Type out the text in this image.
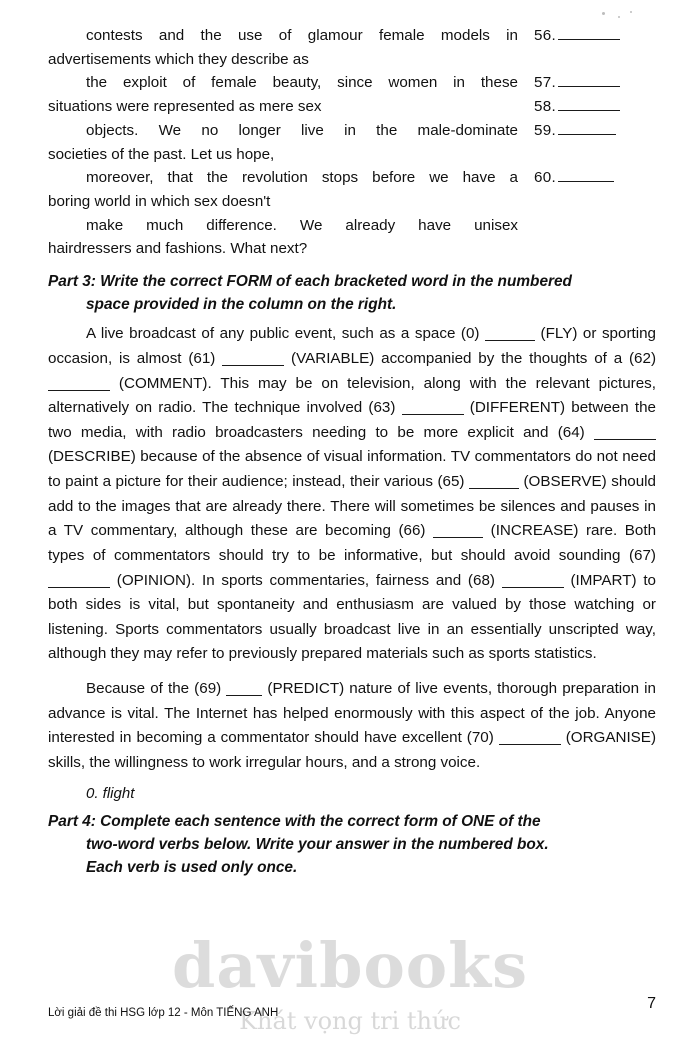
contests and the use of glamour female models in
advertisements which they describe as
56.
the exploit of female beauty, since women in these
situations were represented as mere sex
57.
58.
objects. We no longer live in the male-dominate
societies of the past. Let us hope,
59.
moreover, that the revolution stops before we have a
boring world in which sex doesn't
60.
make much difference. We already have unisex
hairdressers and fashions. What next?
Part 3: Write the correct FORM of each bracketed word in the numbered
space provided in the column on the right.
A live broadcast of any public event, such as a space (0)	(FLY) or sporting occasion, is almost (61)	(VARIABLE) accompanied by the thoughts of a (62)  (COMMENT). This may be on television, along with the relevant pictures, alternatively on radio. The technique involved (63)	(DIFFERENT) between the two media, with radio broadcasters needing to be more explicit and (64)  (DESCRIBE) because of the absence of visual information. TV commentators do not need to paint a picture for their audience; instead, their various (65)	(OBSERVE) should add to the images that are already there. There will sometimes be silences and pauses in a TV commentary, although these are becoming (66)	(INCREASE) rare. Both types of commentators should try to be informative, but should avoid sounding (67)  (OPINION). In sports commentaries, fairness and (68)	(IMPART) to both sides is vital, but spontaneity and enthusiasm are valued by those watching or listening. Sports commentators usually broadcast live in an essentially unscripted way, although they may refer to previously prepared materials such as sports statistics.
Because of the (69)  (PREDICT) nature of live events, thorough preparation in advance is vital. The Internet has helped enormously with this aspect of the job. Anyone interested in becoming a commentator should have excellent (70)	(ORGANISE) skills, the willingness to work irregular hours, and a strong voice.
0. flight
Part 4: Complete each sentence with the correct form of ONE of the
two-word verbs below. Write your answer in the numbered box.
Each verb is used only once.
davibooks
Khát vọng tri thức
Lời giải đề thi HSG lớp 12 - Môn TIẾNG ANH
7
